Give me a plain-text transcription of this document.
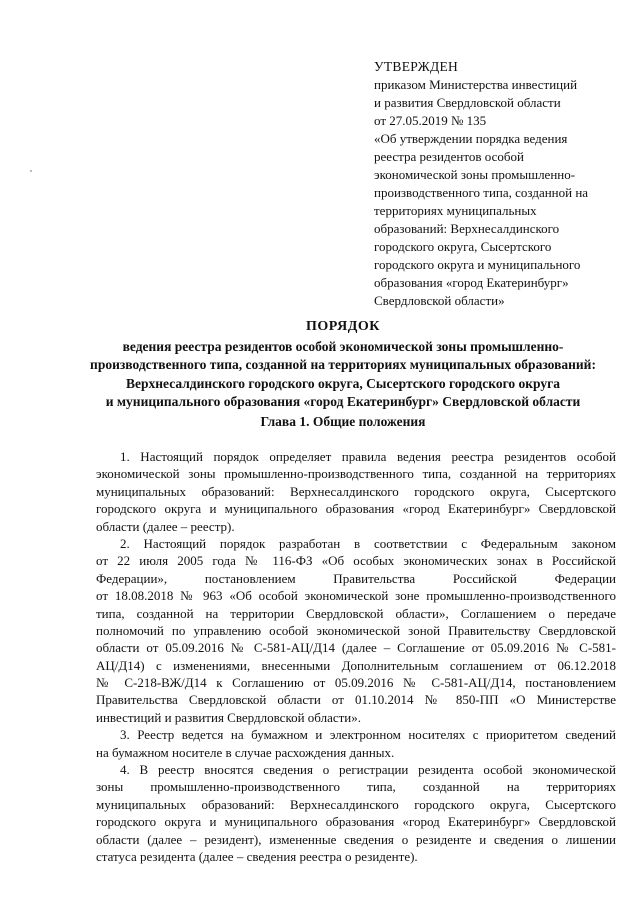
УТВЕРЖДЕН
приказом Министерства инвестиций
и развития Свердловской области
от 27.05.2019 № 135
«Об утверждении порядка ведения
реестра резидентов особой
экономической зоны промышленно-
производственного типа, созданной на
территориях муниципальных
образований: Верхнесалдинского
городского округа, Сысертского
городского округа и муниципального
образования «город Екатеринбург»
Свердловской области»
ПОРЯДОК
ведения реестра резидентов особой экономической зоны промышленно-
производственного типа, созданной на территориях муниципальных образований:
Верхнесалдинского городского округа, Сысертского городского округа
и муниципального образования «город Екатеринбург» Свердловской области
Глава 1. Общие положения
1. Настоящий порядок определяет правила ведения реестра резидентов особой
экономической зоны промышленно-производственного типа, созданной на территориях
муниципальных образований: Верхнесалдинского городского округа, Сысертского
городского округа и муниципального образования «город Екатеринбург» Свердловской
области (далее – реестр).
2. Настоящий порядок разработан в соответствии с Федеральным законом
от 22 июля 2005 года № 116-ФЗ «Об особых экономических зонах в Российской
Федерации», постановлением Правительства Российской Федерации
от 18.08.2018 № 963 «Об особой экономической зоне промышленно-производственного
типа, созданной на территории Свердловской области», Соглашением о передаче
полномочий по управлению особой экономической зоной Правительству Свердловской
области от 05.09.2016 № С-581-АЦ/Д14 (далее – Соглашение от 05.09.2016 № С-581-
АЦ/Д14) с изменениями, внесенными Дополнительным соглашением от 06.12.2018
№ С-218-ВЖ/Д14 к Соглашению от 05.09.2016 № С-581-АЦ/Д14, постановлением
Правительства Свердловской области от 01.10.2014 № 850-ПП «О Министерстве
инвестиций и развития Свердловской области».
3. Реестр ведется на бумажном и электронном носителях с приоритетом сведений
на бумажном носителе в случае расхождения данных.
4. В реестр вносятся сведения о регистрации резидента особой экономической
зоны промышленно-производственного типа, созданной на территориях
муниципальных образований: Верхнесалдинского городского округа, Сысертского
городского округа и муниципального образования «город Екатеринбург» Свердловской
области (далее – резидент), измененные сведения о резиденте и сведения о лишении
статуса резидента (далее – сведения реестра о резиденте).
